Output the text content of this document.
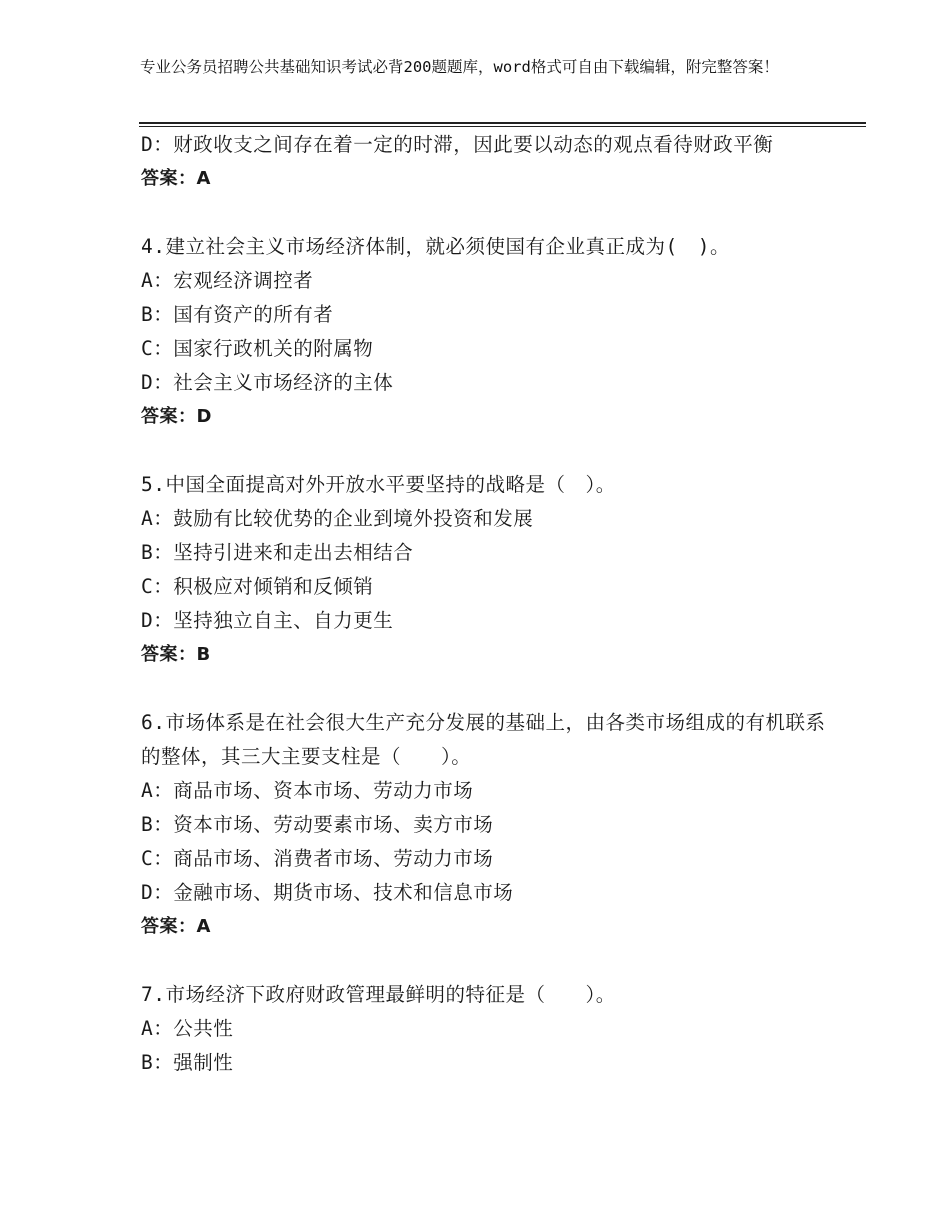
专业公务员招聘公共基础知识考试必背200题题库，word格式可自由下载编辑，附完整答案！
D：财政收支之间存在着一定的时滞，因此要以动态的观点看待财政平衡
答案：A
4.建立社会主义市场经济体制，就必须使国有企业真正成为(　)。
A：宏观经济调控者
B：国有资产的所有者
C：国家行政机关的附属物
D：社会主义市场经济的主体
答案：D
5.中国全面提高对外开放水平要坚持的战略是（　）。
A：鼓励有比较优势的企业到境外投资和发展
B：坚持引进来和走出去相结合
C：积极应对倾销和反倾销
D：坚持独立自主、自力更生
答案：B
6.市场体系是在社会很大生产充分发展的基础上，由各类市场组成的有机联系的整体，其三大主要支柱是（　　）。
A：商品市场、资本市场、劳动力市场
B：资本市场、劳动要素市场、卖方市场
C：商品市场、消费者市场、劳动力市场
D：金融市场、期货市场、技术和信息市场
答案：A
7.市场经济下政府财政管理最鲜明的特征是（　　）。
A：公共性
B：强制性
